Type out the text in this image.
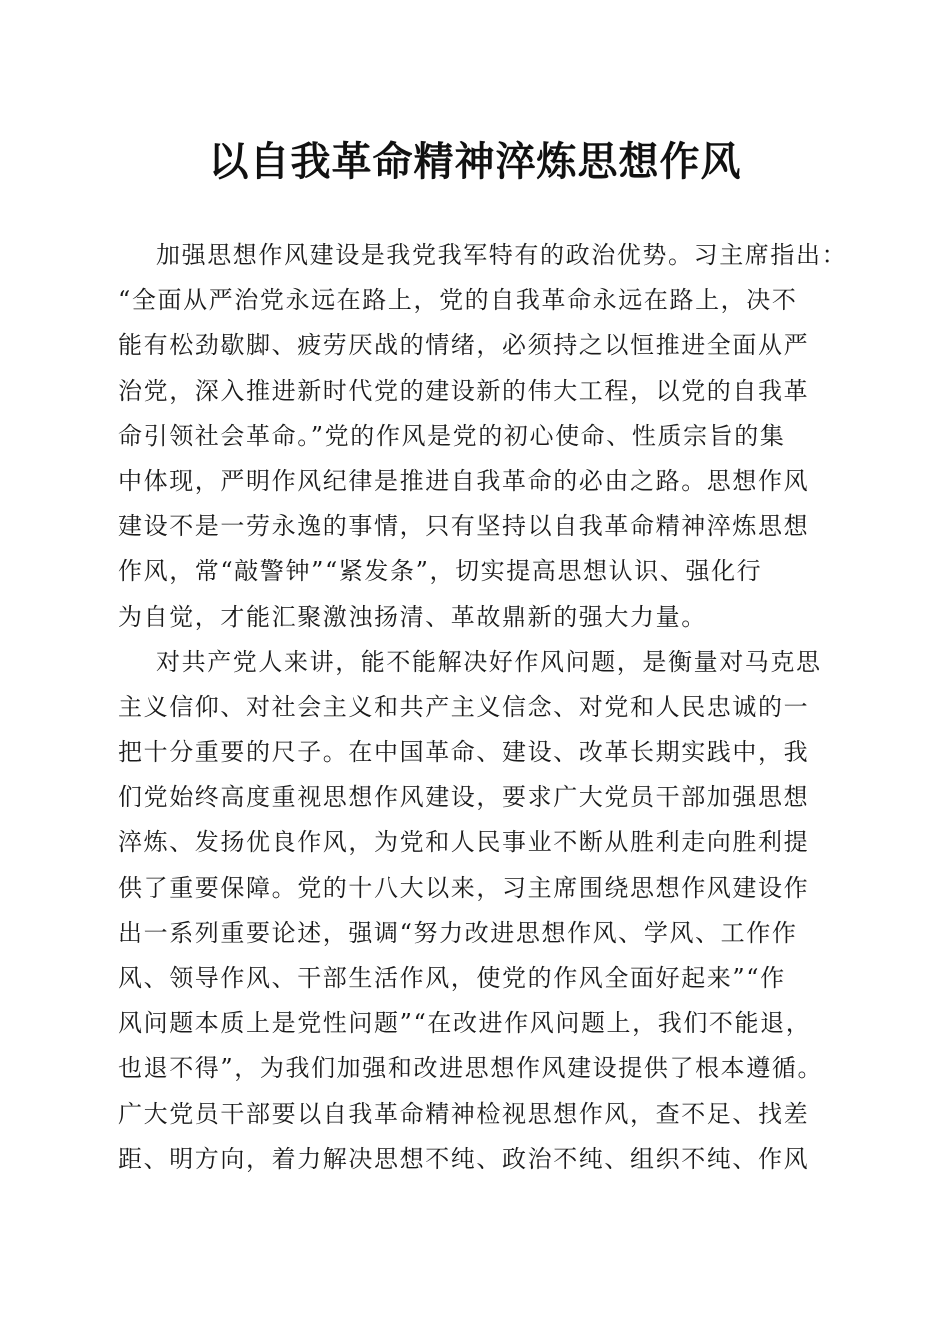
以自我革命精神淬炼思想作风
加强思想作风建设是我党我军特有的政治优势。习主席指出：
“全面从严治党永远在路上，党的自我革命永远在路上，决不
能有松劲歇脚、疲劳厌战的情绪，必须持之以恒推进全面从严
治党，深入推进新时代党的建设新的伟大工程，以党的自我革
命引领社会革命。”党的作风是党的初心使命、性质宗旨的集
中体现，严明作风纪律是推进自我革命的必由之路。思想作风
建设不是一劳永逸的事情，只有坚持以自我革命精神淬炼思想
作风，常“敲警钟”“紧发条”，切实提高思想认识、强化行
为自觉，才能汇聚激浊扬清、革故鼎新的强大力量。
对共产党人来讲，能不能解决好作风问题，是衡量对马克思
主义信仰、对社会主义和共产主义信念、对党和人民忠诚的一
把十分重要的尺子。在中国革命、建设、改革长期实践中，我
们党始终高度重视思想作风建设，要求广大党员干部加强思想
淬炼、发扬优良作风，为党和人民事业不断从胜利走向胜利提
供了重要保障。党的十八大以来，习主席围绕思想作风建设作
出一系列重要论述，强调“努力改进思想作风、学风、工作作
风、领导作风、干部生活作风，使党的作风全面好起来”“作
风问题本质上是党性问题”“在改进作风问题上，我们不能退，
也退不得”，为我们加强和改进思想作风建设提供了根本遵循。
广大党员干部要以自我革命精神检视思想作风，查不足、找差
距、明方向，着力解决思想不纯、政治不纯、组织不纯、作风
